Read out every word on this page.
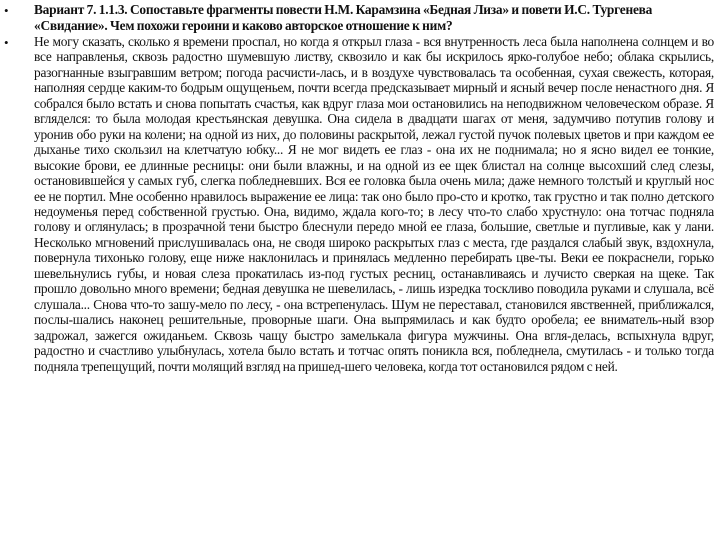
• Вариант 7. 1.1.3. Сопоставьте фрагменты повести Н.М. Карамзина «Бедная Лиза» и повети И.С. Тургенева «Свидание». Чем похожи героини и каково авторское отношение к ним?
• Не могу сказать, сколько я времени проспал, но когда я открыл глаза - вся внутренность леса была наполнена солнцем и во все направленья, сквозь радостно шумевшую листву, сквозило и как бы искрилось ярко-голубое небо; облака скрылись, разогнанные взыгравшим ветром; погода расчисти-лась, и в воздухе чувствовалась та особенная, сухая свежесть, которая, наполняя сердце каким-то бодрым ощущеньем, почти всегда предсказывает мирный и ясный вечер после ненастного дня. Я собрался было встать и снова попытать счастья, как вдруг глаза мои остановились на неподвижном человеческом образе. Я вгляделся: то была молодая крестьянская девушка. Она сидела в двадцати шагах от меня, задумчиво потупив голову и уронив обо руки на колени; на одной из них, до половины раскрытой, лежал густой пучок полевых цветов и при каждом ее дыханье тихо скользил на клетчатую юбку... Я не мог видеть ее глаз - она их не поднимала; но я ясно видел ее тонкие, высокие брови, ее длинные ресницы: они были влажны, и на одной из ее щек блистал на солнце высохший след слезы, остановившейся у самых губ, слегка побледневших. Вся ее головка была очень мила; даже немного толстый и круглый нос ее не портил. Мне особенно нравилось выражение ее лица: так оно было про-сто и кротко, так грустно и так полно детского недоуменья перед собственной грустью. Она, видимо, ждала кого-то; в лесу что-то слабо хрустнуло: она тотчас подняла голову и оглянулась; в прозрачной тени быстро блеснули передо мной ее глаза, большие, светлые и пугливые, как у лани. Несколько мгновений прислушивалась она, не сводя широко раскрытых глаз с места, где раздался слабый звук, вздохнула, повернула тихонько голову, еще ниже наклонилась и принялась медленно перебирать цве-ты. Веки ее покраснели, горько шевельнулись губы, и новая слеза прокатилась из-под густых ресниц, останавливаясь и лучисто сверкая на щеке. Так прошло довольно много времени; бедная девушка не шевелилась, - лишь изредка тоскливо поводила руками и слушала, всё слушала... Снова что-то зашу-мело по лесу, - она встрепенулась. Шум не переставал, становился явственней, приближался, послы-шались наконец решительные, проворные шаги. Она выпрямилась и как будто оробела; ее вниматель-ный взор задрожал, зажегся ожиданьем. Сквозь чащу быстро замелькала фигура мужчины. Она вгля-делась, вспыхнула вдруг, радостно и счастливо улыбнулась, хотела было встать и тотчас опять поникла вся, побледнела, смутилась - и только тогда подняла трепещущий, почти молящий взгляд на пришед-шего человека, когда тот остановился рядом с ней.
